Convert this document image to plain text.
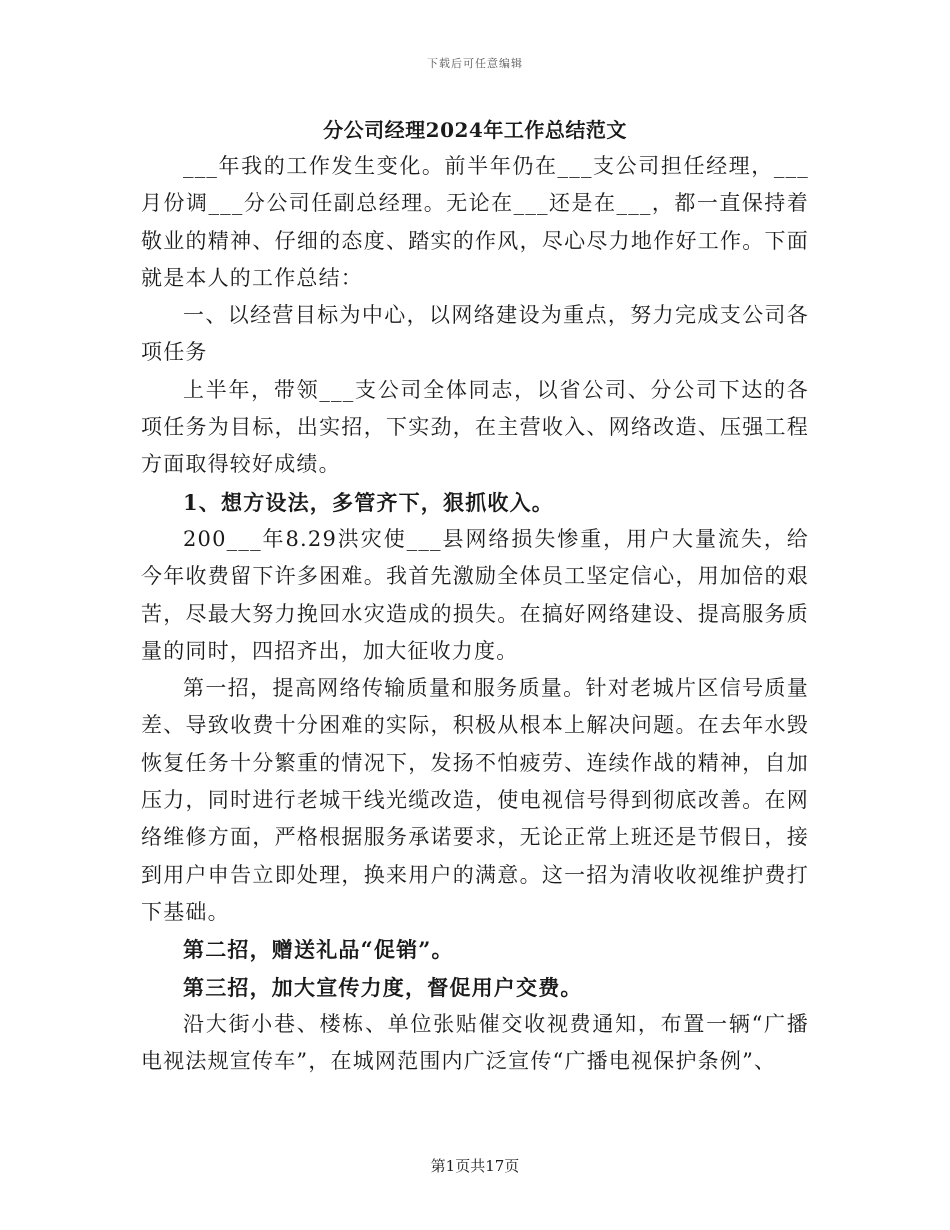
下载后可任意编辑
分公司经理2024年工作总结范文

___年我的工作发生变化。前半年仍在___支公司担任经理，___月份调___分公司任副总经理。无论在___还是在___，都一直保持着敬业的精神、仔细的态度、踏实的作风，尽心尽力地作好工作。下面就是本人的工作总结：

一、以经营目标为中心，以网络建设为重点，努力完成支公司各项任务

上半年，带领___支公司全体同志，以省公司、分公司下达的各项任务为目标，出实招，下实劲，在主营收入、网络改造、压强工程方面取得较好成绩。

1、想方设法，多管齐下，狠抓收入。

200___年8.29洪灾使___县网络损失惨重，用户大量流失，给今年收费留下许多困难。我首先激励全体员工坚定信心，用加倍的艰苦，尽最大努力挽回水灾造成的损失。在搞好网络建设、提高服务质量的同时，四招齐出，加大征收力度。

第一招，提高网络传输质量和服务质量。针对老城片区信号质量差、导致收费十分困难的实际，积极从根本上解决问题。在去年水毁恢复任务十分繁重的情况下，发扬不怕疲劳、连续作战的精神，自加压力，同时进行老城干线光缆改造，使电视信号得到彻底改善。在网络维修方面，严格根据服务承诺要求，无论正常上班还是节假日，接到用户申告立即处理，换来用户的满意。这一招为清收收视维护费打下基础。

第二招，赠送礼品“促销”。

第三招，加大宣传力度，督促用户交费。

沿大街小巷、楼栋、单位张贴催交收视费通知，布置一辆“广播电视法规宣传车”，在城网范围内广泛宣传“广播电视保护条例”、

第1页共17页
